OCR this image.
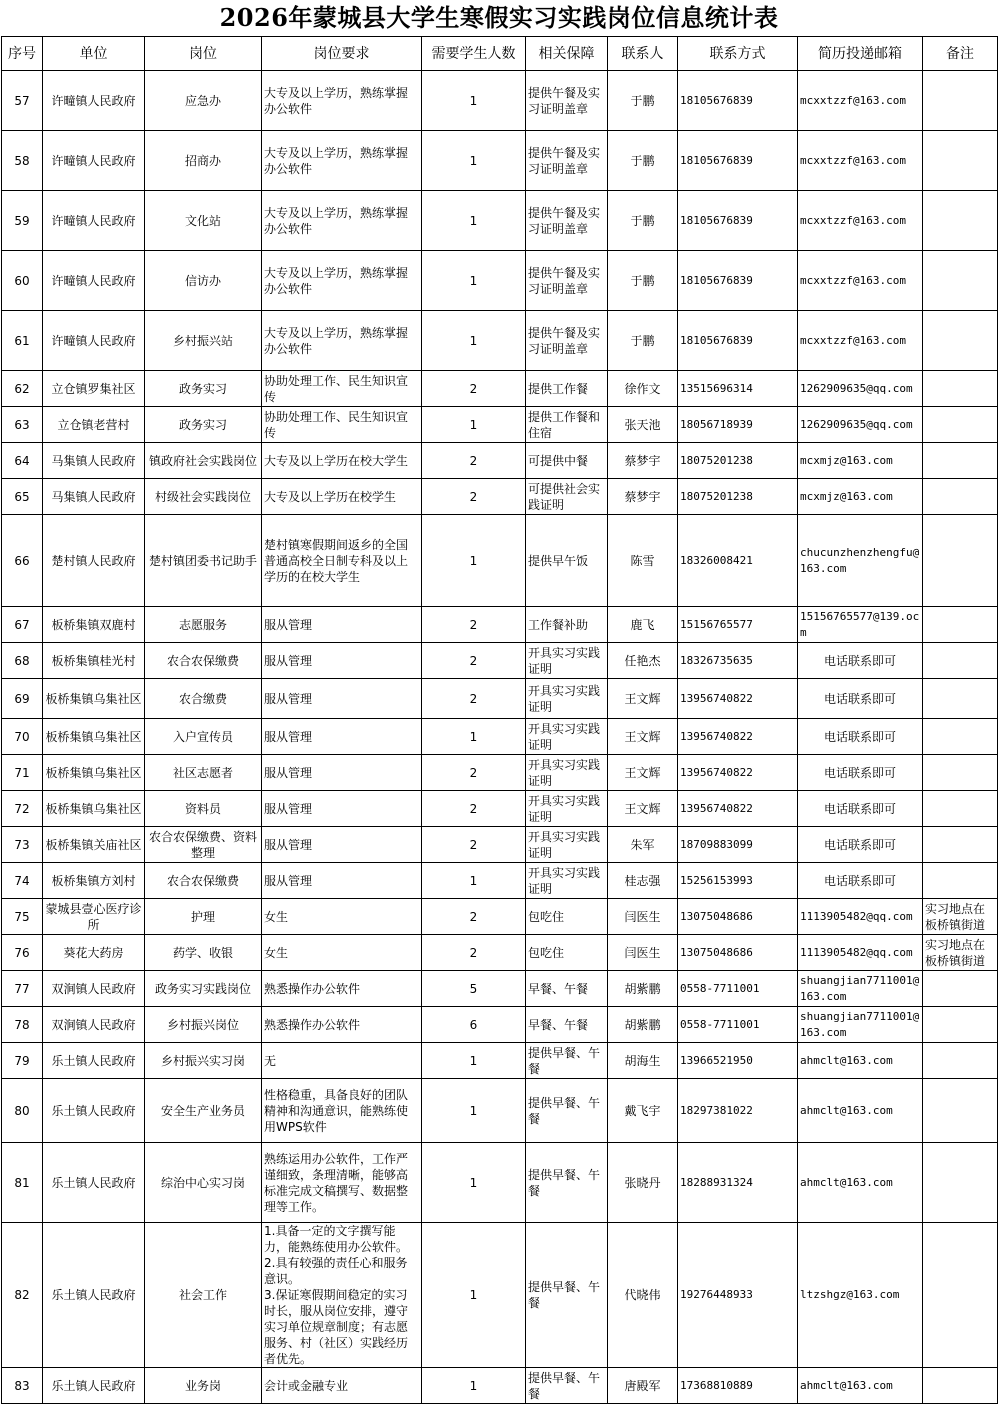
2026年蒙城县大学生寒假实习实践岗位信息统计表
序号	单位	岗位	岗位要求	需要学生人数	相关保障	联系人	联系方式	简历投递邮箱	备注
57	许疃镇人民政府	应急办	大专及以上学历，熟练掌握办公软件	1	提供午餐及实习证明盖章	于鹏	18105676839	mcxxtzzf@163.com	
58	许疃镇人民政府	招商办	大专及以上学历，熟练掌握办公软件	1	提供午餐及实习证明盖章	于鹏	18105676839	mcxxtzzf@163.com	
59	许疃镇人民政府	文化站	大专及以上学历，熟练掌握办公软件	1	提供午餐及实习证明盖章	于鹏	18105676839	mcxxtzzf@163.com	
60	许疃镇人民政府	信访办	大专及以上学历，熟练掌握办公软件	1	提供午餐及实习证明盖章	于鹏	18105676839	mcxxtzzf@163.com	
61	许疃镇人民政府	乡村振兴站	大专及以上学历，熟练掌握办公软件	1	提供午餐及实习证明盖章	于鹏	18105676839	mcxxtzzf@163.com	
62	立仓镇罗集社区	政务实习	协助处理工作、民生知识宣传	2	提供工作餐	徐作文	13515696314	1262909635@qq.com	
63	立仓镇老营村	政务实习	协助处理工作、民生知识宣传	1	提供工作餐和住宿	张天池	18056718939	1262909635@qq.com	
64	马集镇人民政府	镇政府社会实践岗位	大专及以上学历在校大学生	2	可提供中餐	蔡梦宇	18075201238	mcxmjz@163.com	
65	马集镇人民政府	村级社会实践岗位	大专及以上学历在校学生	2	可提供社会实践证明	蔡梦宇	18075201238	mcxmjz@163.com	
66	楚村镇人民政府	楚村镇团委书记助手	楚村镇寒假期间返乡的全国普通高校全日制专科及以上学历的在校大学生	1	提供早午饭	陈雪	18326008421	chucunzhenzhengfu@163.com	
67	板桥集镇双鹿村	志愿服务	服从管理	2	工作餐补助	鹿飞	15156765577	15156765577@139.ocm	
68	板桥集镇桂光村	农合农保缴费	服从管理	2	开具实习实践证明	任艳杰	18326735635	电话联系即可	
69	板桥集镇乌集社区	农合缴费	服从管理	2	开具实习实践证明	王文辉	13956740822	电话联系即可	
70	板桥集镇乌集社区	入户宣传员	服从管理	1	开具实习实践证明	王文辉	13956740822	电话联系即可	
71	板桥集镇乌集社区	社区志愿者	服从管理	2	开具实习实践证明	王文辉	13956740822	电话联系即可	
72	板桥集镇乌集社区	资料员	服从管理	2	开具实习实践证明	王文辉	13956740822	电话联系即可	
73	板桥集镇关庙社区	农合农保缴费、资料整理	服从管理	2	开具实习实践证明	朱军	18709883099	电话联系即可	
74	板桥集镇方刘村	农合农保缴费	服从管理	1	开具实习实践证明	桂志强	15256153993	电话联系即可	
75	蒙城县壹心医疗诊所	护理	女生	2	包吃住	闫医生	13075048686	1113905482@qq.com	实习地点在板桥镇街道
76	葵花大药房	药学、收银	女生	2	包吃住	闫医生	13075048686	1113905482@qq.com	实习地点在板桥镇街道
77	双涧镇人民政府	政务实习实践岗位	熟悉操作办公软件	5	早餐、午餐	胡紫鹏	0558-7711001	shuangjian7711001@163.com	
78	双涧镇人民政府	乡村振兴岗位	熟悉操作办公软件	6	早餐、午餐	胡紫鹏	0558-7711001	shuangjian7711001@163.com	
79	乐土镇人民政府	乡村振兴实习岗	无	1	提供早餐、午餐	胡海生	13966521950	ahmclt@163.com	
80	乐土镇人民政府	安全生产业务员	性格稳重，具备良好的团队精神和沟通意识，能熟练使用WPS软件	1	提供早餐、午餐	戴飞宇	18297381022	ahmclt@163.com	
81	乐土镇人民政府	综治中心实习岗	熟练运用办公软件，工作严谨细致，条理清晰，能够高标准完成文稿撰写、数据整理等工作。	1	提供早餐、午餐	张晓丹	18288931324	ahmclt@163.com	
82	乐土镇人民政府	社会工作	1.具备一定的文字撰写能力，能熟练使用办公软件。
2.具有较强的责任心和服务意识。
3.保证寒假期间稳定的实习时长，服从岗位安排，遵守实习单位规章制度；有志愿服务、村（社区）实践经历者优先。	1	提供早餐、午餐	代晓伟	19276448933	ltzshgz@163.com	
83	乐土镇人民政府	业务岗	会计或金融专业	1	提供早餐、午餐	唐殿军	17368810889	ahmclt@163.com	
